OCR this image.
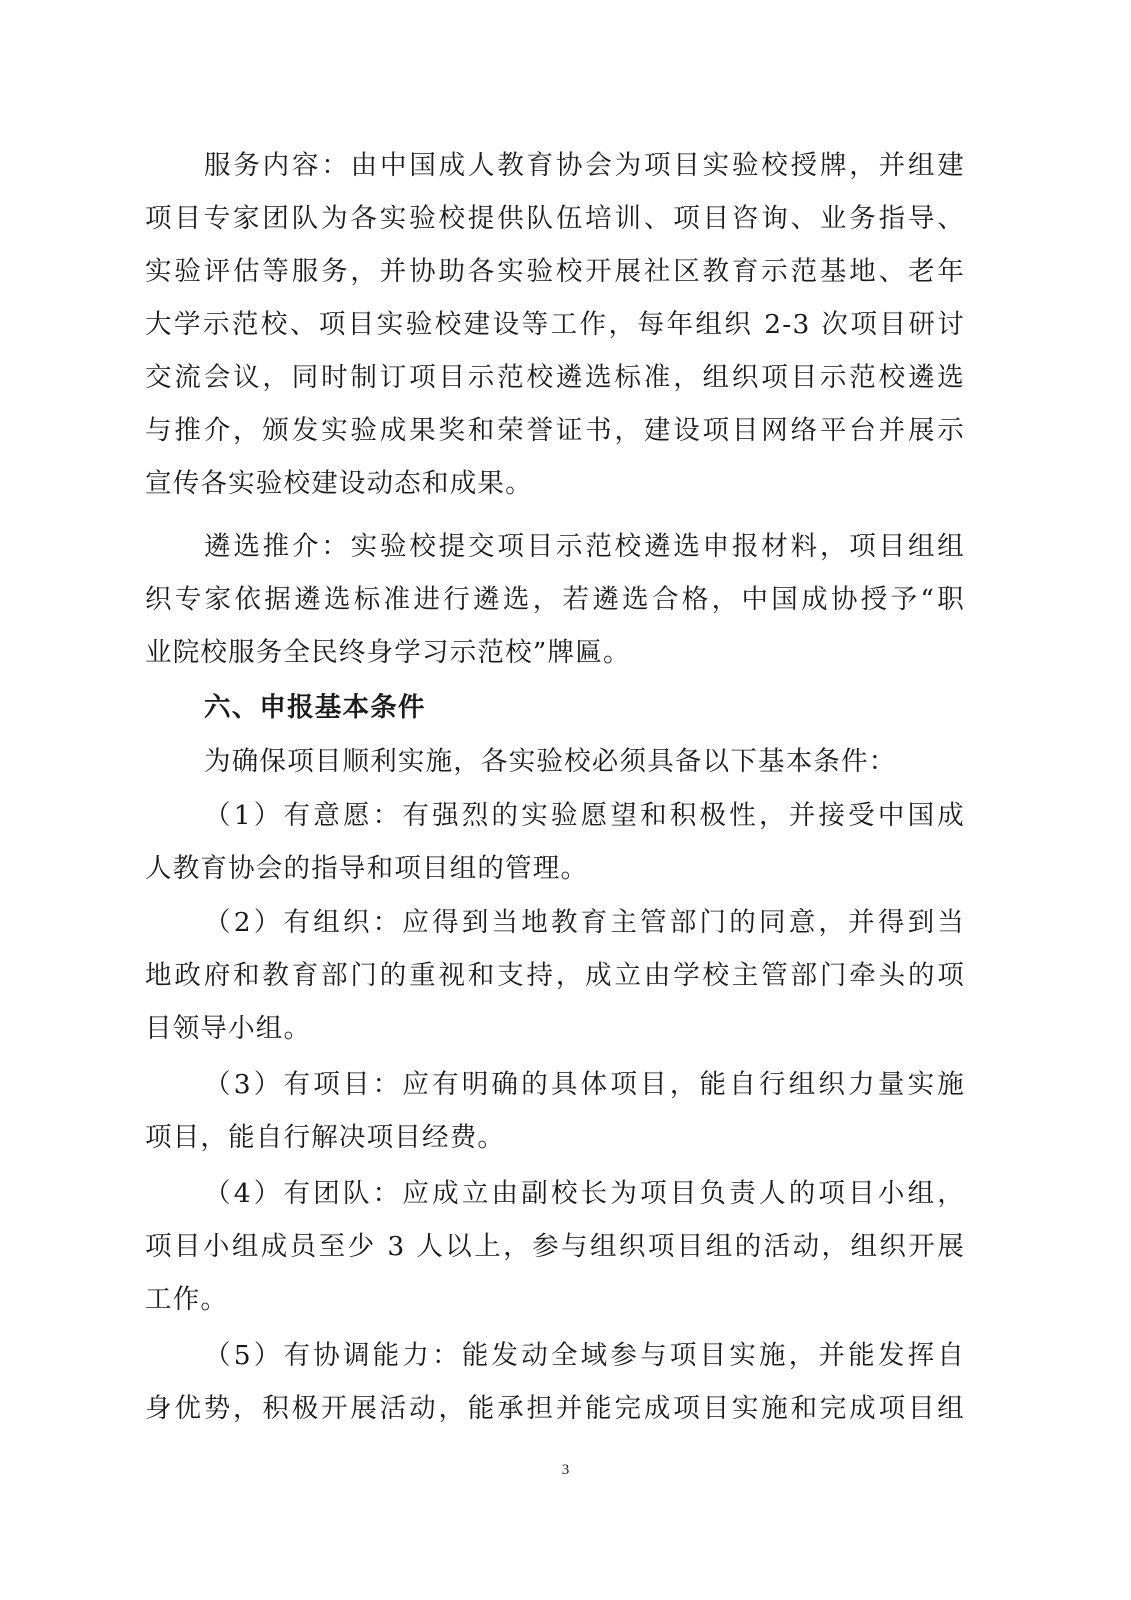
服务内容：由中国成人教育协会为项目实验校授牌，并组建
项目专家团队为各实验校提供队伍培训、项目咨询、业务指导、
实验评估等服务，并协助各实验校开展社区教育示范基地、老年
大学示范校、项目实验校建设等工作，每年组织 2-3 次项目研讨
交流会议，同时制订项目示范校遴选标准，组织项目示范校遴选
与推介，颁发实验成果奖和荣誉证书，建设项目网络平台并展示
宣传各实验校建设动态和成果。
遴选推介：实验校提交项目示范校遴选申报材料，项目组组
织专家依据遴选标准进行遴选，若遴选合格，中国成协授予“职
业院校服务全民终身学习示范校”牌匾。
六、申报基本条件
为确保项目顺利实施，各实验校必须具备以下基本条件：
（1）有意愿：有强烈的实验愿望和积极性，并接受中国成
人教育协会的指导和项目组的管理。
（2）有组织：应得到当地教育主管部门的同意，并得到当
地政府和教育部门的重视和支持，成立由学校主管部门牵头的项
目领导小组。
（3）有项目：应有明确的具体项目，能自行组织力量实施
项目，能自行解决项目经费。
（4）有团队：应成立由副校长为项目负责人的项目小组，
项目小组成员至少 3 人以上，参与组织项目组的活动，组织开展
工作。
（5）有协调能力：能发动全域参与项目实施，并能发挥自
身优势，积极开展活动，能承担并能完成项目实施和完成项目组
3
